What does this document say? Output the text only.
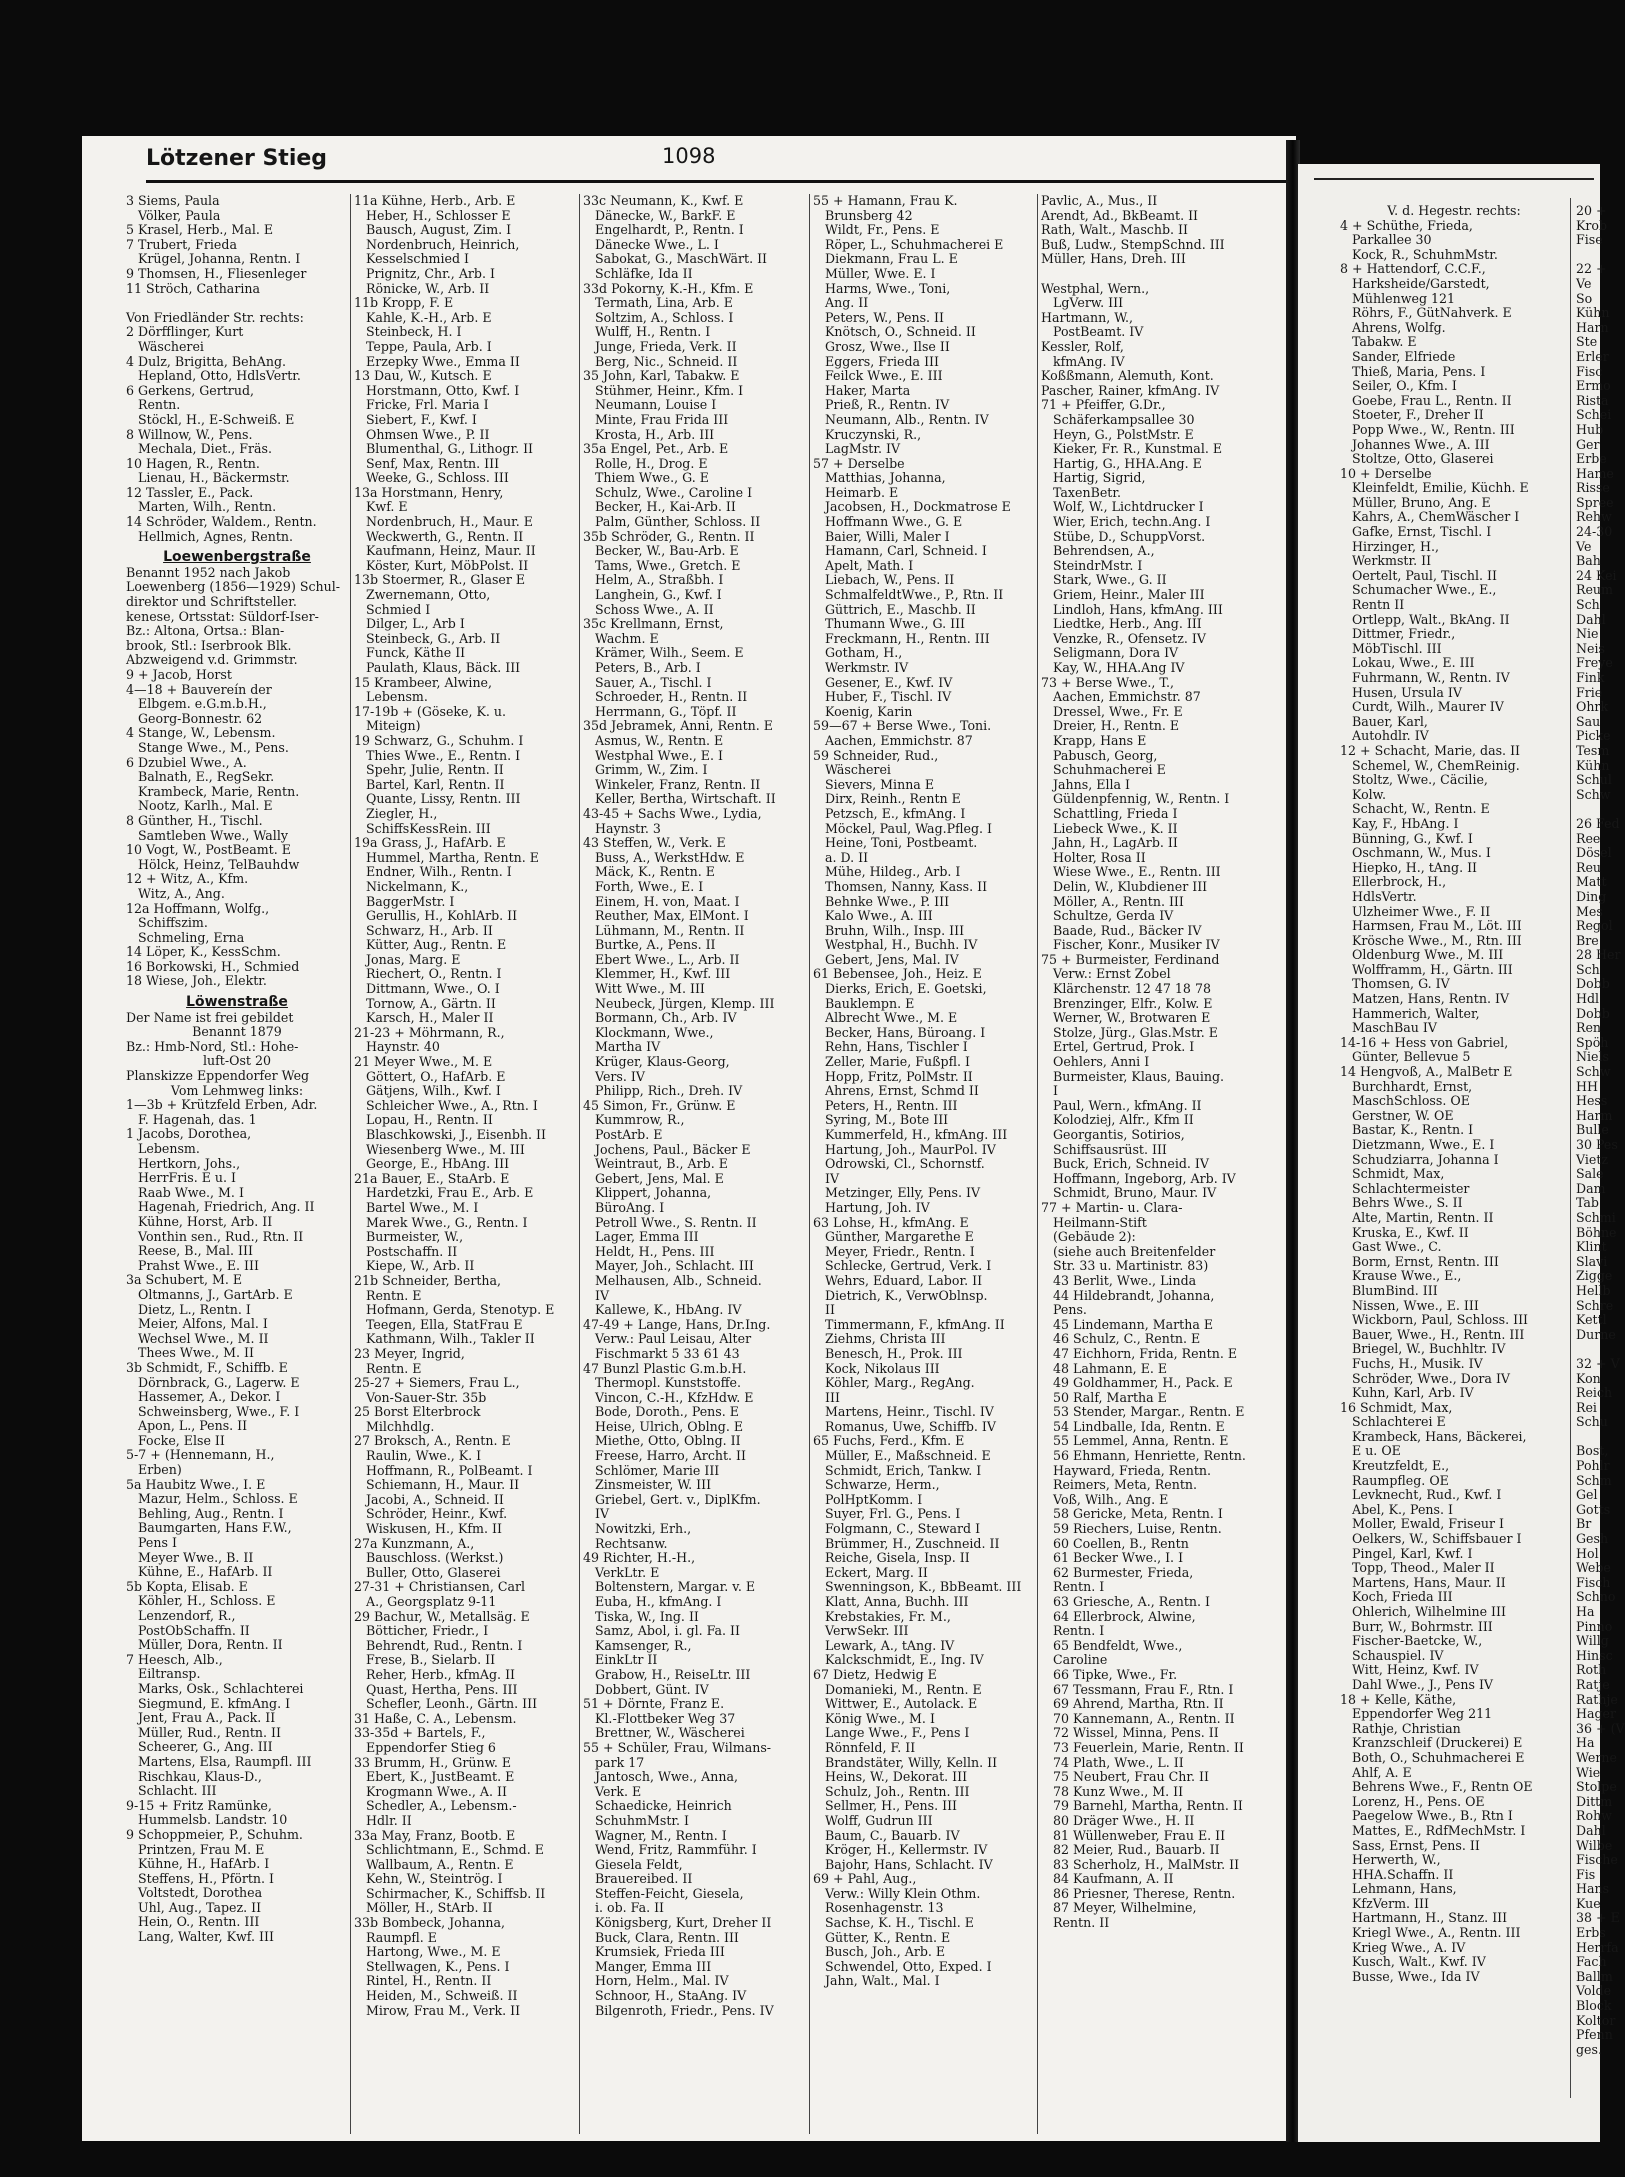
Lötzener Stieg	1098
3 Siems, Paula
Völker, Paula
5 Krasel, Herb., Mal. E
7 Trubert, Frieda
Krügel, Johanna, Rentn. I
9 Thomsen, H., Fliesenleger
11 Ströch, Catharina

Von Friedländer Str. rechts:
2 Dörfflinger, Kurt
Wäscherei
4 Dulz, Brigitta, BehAng.
Hepland, Otto, HdlsVertr.
6 Gerkens, Gertrud,
Rentn.
Stöckl, H., E-Schweiß. E
8 Willnow, W., Pens.
Mechala, Diet., Fräs.
10 Hagen, R., Rentn.
Lienau, H., Bäckermstr.
12 Tassler, E., Pack.
Marten, Wilh., Rentn.
14 Schröder, Waldem., Rentn.
Hellmich, Agnes, Rentn.
Loewenbergstraße
Benannt 1952 nach Jakob
Loewenberg (1856—1929) Schul-
direktor und Schriftsteller.
kenese, Ortsstat: Süldorf-Iser-
Bz.: Altona, Ortsa.: Blan-
brook, Stl.: Iserbrook Blk.
Abzweigend v.d. Grimmstr.
9 + Jacob, Horst
4—18 + Bauvereín der
Elbgem. e.G.m.b.H.,
Georg-Bonnestr. 62
4 Stange, W., Lebensm.
Stange Wwe., M., Pens.
6 Dzubiel Wwe., A.
Balnath, E., RegSekr.
Krambeck, Marie, Rentn.
Nootz, Karlh., Mal. E
8 Günther, H., Tischl.
Samtleben Wwe., Wally
10 Vogt, W., PostBeamt. E
Hölck, Heinz, TelBauhdw
12 + Witz, A., Kfm.
Witz, A., Ang.
12a Hoffmann, Wolfg.,
Schiffszim.
Schmeling, Erna
14 Löper, K., KessSchm.
16 Borkowski, H., Schmied
18 Wiese, Joh., Elektr.
Löwenstraße
Der Name ist frei gebildet
Benannt 1879
Bz.: Hmb-Nord, Stl.: Hohe-
luft-Ost 20
Planskizze Eppendorfer Weg
Vom Lehmweg links:
1—3b + Krützfeld Erben, Adr.
F. Hagenah, das. 1
1 Jacobs, Dorothea,
Lebensm.
Hertkorn, Johs.,
HerrFris. E u. I
Raab Wwe., M. I
Hagenah, Friedrich, Ang. II
Kühne, Horst, Arb. II
Vonthin sen., Rud., Rtn. II
Reese, B., Mal. III
Prahst Wwe., E. III
3a Schubert, M. E
Oltmanns, J., GartArb. E
Dietz, L., Rentn. I
Meier, Alfons, Mal. I
Wechsel Wwe., M. II
Thees Wwe., M. II
3b Schmidt, F., Schiffb. E
Dörnbrack, G., Lagerw. E
Hassemer, A., Dekor. I
Schweinsberg, Wwe., F. I
Apon, L., Pens. II
Focke, Else II
5-7 + (Hennemann, H.,
Erben)
5a Haubitz Wwe., I. E
Mazur, Helm., Schloss. E
Behling, Aug., Rentn. I
Baumgarten, Hans F.W.,
Pens I
Meyer Wwe., B. II
Kühne, E., HafArb. II
5b Kopta, Elisab. E
Köhler, H., Schloss. E
Lenzendorf, R.,
PostObSchaffn. II
Müller, Dora, Rentn. II
7 Heesch, Alb.,
Eiltransp.
Marks, Osk., Schlachterei
Siegmund, E. kfmAng. I
Jent, Frau A., Pack. II
Müller, Rud., Rentn. II
Scheerer, G., Ang. III
Martens, Elsa, Raumpfl. III
Rischkau, Klaus-D.,
Schlacht. III
9-15 + Fritz Ramünke,
Hummelsb. Landstr. 10
9 Schoppmeier, P., Schuhm.
Printzen, Frau M. E
Kühne, H., HafArb. I
Steffens, H., Pförtn. I
Voltstedt, Dorothea
Uhl, Aug., Tapez. II
Hein, O., Rentn. III
Lang, Walter, Kwf. III
11a Kühne, Herb., Arb. E
Heber, H., Schlosser E
Bausch, August, Zim. I
Nordenbruch, Heinrich,
Kesselschmied I
Prignitz, Chr., Arb. I
Rönicke, W., Arb. II
11b Kropp, F. E
Kahle, K.-H., Arb. E
Steinbeck, H. I
Teppe, Paula, Arb. I
Erzepky Wwe., Emma II
13 Dau, W., Kutsch. E
Horstmann, Otto, Kwf. I
Fricke, Frl. Maria I
Siebert, F., Kwf. I
Ohmsen Wwe., P. II
Blumenthal, G., Lithogr. II
Senf, Max, Rentn. III
Weeke, G., Schloss. III
13a Horstmann, Henry,
Kwf. E
Nordenbruch, H., Maur. E
Weckwerth, G., Rentn. II
Kaufmann, Heinz, Maur. II
Köster, Kurt, MöbPolst. II
13b Stoermer, R., Glaser E
Zwernemann, Otto,
Schmied I
Dilger, L., Arb I
Steinbeck, G., Arb. II
Funck, Käthe II
Paulath, Klaus, Bäck. III
15 Krambeer, Alwine,
Lebensm.
17-19b + (Göseke, K. u.
Miteign)
19 Schwarz, G., Schuhm. I
Thies Wwe., E., Rentn. I
Spehr, Julie, Rentn. II
Bartel, Karl, Rentn. II
Quante, Lissy, Rentn. III
Ziegler, H.,
SchiffsKessRein. III
19a Grass, J., HafArb. E
Hummel, Martha, Rentn. E
Endner, Wilh., Rentn. I
Nickelmann, K.,
BaggerMstr. I
Gerullis, H., KohlArb. II
Schwarz, H., Arb. II
Kütter, Aug., Rentn. E
Jonas, Marg. E
Riechert, O., Rentn. I
Dittmann, Wwe., O. I
Tornow, A., Gärtn. II
Karsch, H., Maler II
21-23 + Möhrmann, R.,
Haynstr. 40
21 Meyer Wwe., M. E
Göttert, O., HafArb. E
Gätjens, Wilh., Kwf. I
Schleicher Wwe., A., Rtn. I
Lopau, H., Rentn. II
Blaschkowski, J., Eisenbh. II
Wiesenberg Wwe., M. III
George, E., HbAng. III
21a Bauer, E., StaArb. E
Hardetzki, Frau E., Arb. E
Bartel Wwe., M. I
Marek Wwe., G., Rentn. I
Burmeister, W.,
Postschaffn. II
Kiepe, W., Arb. II
21b Schneider, Bertha,
Rentn. E
Hofmann, Gerda, Stenotyp. E
Teegen, Ella, StatFrau E
Kathmann, Wilh., Takler II
23 Meyer, Ingrid,
Rentn. E
25-27 + Siemers, Frau L.,
Von-Sauer-Str. 35b
25 Borst Elterbrock
Milchhdlg.
27 Broksch, A., Rentn. E
Raulin, Wwe., K. I
Hoffmann, R., PolBeamt. I
Schiemann, H., Maur. II
Jacobi, A., Schneid. II
Schröder, Heinr., Kwf.
Wiskusen, H., Kfm. II
27a Kunzmann, A.,
Bauschloss. (Werkst.)
Buller, Otto, Glaserei
27-31 + Christiansen, Carl
A., Georgsplatz 9-11
29 Bachur, W., Metallsäg. E
Bötticher, Friedr., I
Behrendt, Rud., Rentn. I
Frese, B., Sielarb. II
Reher, Herb., kfmAg. II
Quast, Hertha, Pens. III
Schefler, Leonh., Gärtn. III
31 Haße, C. A., Lebensm.
33-35d + Bartels, F.,
Eppendorfer Stieg 6
33 Brumm, H., Grünw. E
Ebert, K., JustBeamt. E
Krogmann Wwe., A. II
Schedler, A., Lebensm.-
Hdlr. II
33a May, Franz, Bootb. E
Schlichtmann, E., Schmd. E
Wallbaum, A., Rentn. E
Kehn, W., Steintrög. I
Schirmacher, K., Schiffsb. II
Möller, H., StArb. II
33b Bombeck, Johanna,
Raumpfl. E
Hartong, Wwe., M. E
Stellwagen, K., Pens. I
Rintel, H., Rentn. II
Heiden, M., Schweiß. II
Mirow, Frau M., Verk. II
33c Neumann, K., Kwf. E
Dänecke, W., BarkF. E
Engelhardt, P., Rentn. I
Dänecke Wwe., L. I
Sabokat, G., MaschWärt. II
Schläfke, Ida II
33d Pokorny, K.-H., Kfm. E
Termath, Lina, Arb. E
Soltzim, A., Schloss. I
Wulff, H., Rentn. I
Junge, Frieda, Verk. II
Berg, Nic., Schneid. II
35 John, Karl, Tabakw. E
Stühmer, Heinr., Kfm. I
Neumann, Louise I
Minte, Frau Frida III
Krosta, H., Arb. III
35a Engel, Pet., Arb. E
Rolle, H., Drog. E
Thiem Wwe., G. E
Schulz, Wwe., Caroline I
Becker, H., Kai-Arb. II
Palm, Günther, Schloss. II
35b Schröder, G., Rentn. II
Becker, W., Bau-Arb. E
Tams, Wwe., Gretch. E
Helm, A., Straßbh. I
Langhein, G., Kwf. I
Schoss Wwe., A. II
35c Krellmann, Ernst,
Wachm. E
Krämer, Wilh., Seem. E
Peters, B., Arb. I
Sauer, A., Tischl. I
Schroeder, H., Rentn. II
Herrmann, G., Töpf. II
35d Jebramek, Anni, Rentn. E
Asmus, W., Rentn. E
Westphal Wwe., E. I
Grimm, W., Zim. I
Winkeler, Franz, Rentn. II
Keller, Bertha, Wirtschaft. II
43-45 + Sachs Wwe., Lydia,
Haynstr. 3
43 Steffen, W., Verk. E
Buss, A., WerkstHdw. E
Mäck, K., Rentn. E
Forth, Wwe., E. I
Einem, H. von, Maat. I
Reuther, Max, ElMont. I
Lühmann, M., Rentn. II
Burtke, A., Pens. II
Ebert Wwe., L., Arb. II
Klemmer, H., Kwf. III
Witt Wwe., M. III
Neubeck, Jürgen, Klemp. III
Bormann, Ch., Arb. IV
Klockmann, Wwe.,
Martha IV
Krüger, Klaus-Georg,
Vers. IV
Philipp, Rich., Dreh. IV
45 Simon, Fr., Grünw. E
Kummrow, R.,
PostArb. E
Jochens, Paul., Bäcker E
Weintraut, B., Arb. E
Gebert, Jens, Mal. E
Klippert, Johanna,
BüroAng. I
Petroll Wwe., S. Rentn. II
Lager, Emma III
Heldt, H., Pens. III
Mayer, Joh., Schlacht. III
Melhausen, Alb., Schneid.
IV
Kallewe, K., HbAng. IV
47-49 + Lange, Hans, Dr.Ing.
Verw.: Paul Leisau, Alter
Fischmarkt 5 33 61 43
47 Bunzl Plastic G.m.b.H.
Thermopl. Kunststoffe.
Vincon, C.-H., KfzHdw. E
Bode, Doroth., Pens. E
Heise, Ulrich, Oblng. E
Miethe, Otto, Oblng. II
Freese, Harro, Archt. II
Schlömer, Marie III
Zinsmeister, W. III
Griebel, Gert. v., DiplKfm.
IV
Nowitzki, Erh.,
Rechtsanw.
49 Richter, H.-H.,
VerkLtr. E
Boltenstern, Margar. v. E
Euba, H., kfmAng. I
Tiska, W., Ing. II
Samz, Abol, i. gl. Fa. II
Kamsenger, R.,
EinkLtr II
Grabow, H., ReiseLtr. III
Dobbert, Günt. IV
51 + Dörnte, Franz E.
Kl.-Flottbeker Weg 37
Brettner, W., Wäscherei
55 + Schüler, Frau, Wilmans-
park 17
Jantosch, Wwe., Anna,
Verk. E
Schaedicke, Heinrich
SchuhmMstr. I
Wagner, M., Rentn. I
Wend, Fritz, Rammführ. I
Giesela Feldt,
Brauereibed. II
Steffen-Feicht, Giesela,
i. ob. Fa. II
Königsberg, Kurt, Dreher II
Buck, Clara, Rentn. III
Krumsiek, Frieda III
Manger, Emma III
Horn, Helm., Mal. IV
Schnoor, H., StaAng. IV
Bilgenroth, Friedr., Pens. IV
55 + Hamann, Frau K.
Brunsberg 42
Wildt, Fr., Pens. E
Röper, L., Schuhmacherei E
Diekmann, Frau L. E
Müller, Wwe. E. I
Harms, Wwe., Toni,
Ang. II
Peters, W., Pens. II
Knötsch, O., Schneid. II
Grosz, Wwe., Ilse II
Eggers, Frieda III
Feilck Wwe., E. III
Haker, Marta
Prieß, R., Rentn. IV
Neumann, Alb., Rentn. IV
Kruczynski, R.,
LagMstr. IV
57 + Derselbe
Matthias, Johanna,
Heimarb. E
Jacobsen, H., Dockmatrose E
Hoffmann Wwe., G. E
Baier, Willi, Maler I
Hamann, Carl, Schneid. I
Apelt, Math. I
Liebach, W., Pens. II
SchmalfeldtWwe., P., Rtn. II
Güttrich, E., Maschb. II
Thumann Wwe., G. III
Freckmann, H., Rentn. III
Gotham, H.,
Werkmstr. IV
Gesener, E., Kwf. IV
Huber, F., Tischl. IV
Koenig, Karin
59—67 + Berse Wwe., Toni.
Aachen, Emmichstr. 87
59 Schneider, Rud.,
Wäscherei
Sievers, Minna E
Dirx, Reinh., Rentn E
Petzsch, E., kfmAng. I
Möckel, Paul, Wag.Pfleg. I
Heine, Toni, Postbeamt.
a. D. II
Mühe, Hildeg., Arb. I
Thomsen, Nanny, Kass. II
Behnke Wwe., P. III
Kalo Wwe., A. III
Bruhn, Wilh., Insp. III
Westphal, H., Buchh. IV
Gebert, Jens, Mal. IV
61 Bebensee, Joh., Heiz. E
Dierks, Erich, E. Goetski,
Bauklempn. E
Albrecht Wwe., M. E
Becker, Hans, Büroang. I
Rehn, Hans, Tischler I
Zeller, Marie, Fußpfl. I
Hopp, Fritz, PolMstr. II
Ahrens, Ernst, Schmd II
Peters, H., Rentn. III
Syring, M., Bote III
Kummerfeld, H., kfmAng. III
Hartung, Joh., MaurPol. IV
Odrowski, Cl., Schornstf.
IV
Metzinger, Elly, Pens. IV
Hartung, Joh. IV
63 Lohse, H., kfmAng. E
Günther, Margarethe E
Meyer, Friedr., Rentn. I
Schlecke, Gertrud, Verk. I
Wehrs, Eduard, Labor. II
Dietrich, K., VerwOblnsp.
II
Timmermann, F., kfmAng. II
Ziehms, Christa III
Benesch, H., Prok. III
Kock, Nikolaus III
Köhler, Marg., RegAng.
III
Martens, Heinr., Tischl. IV
Romanus, Uwe, Schiffb. IV
65 Fuchs, Ferd., Kfm. E
Müller, E., Maßschneid. E
Schmidt, Erich, Tankw. I
Schwarze, Herm.,
PolHptKomm. I
Suyer, Frl. G., Pens. I
Folgmann, C., Steward I
Brümmer, H., Zuschneid. II
Reiche, Gisela, Insp. II
Eckert, Marg. II
Swenningson, K., BbBeamt. III
Klatt, Anna, Buchh. III
Krebstakies, Fr. M.,
VerwSekr. III
Lewark, A., tAng. IV
Kalckschmidt, E., Ing. IV
67 Dietz, Hedwig E
Domanieki, M., Rentn. E
Wittwer, E., Autolack. E
König Wwe., M. I
Lange Wwe., F., Pens I
Rönnfeld, F. II
Brandstäter, Willy, Kelln. II
Heins, W., Dekorat. III
Schulz, Joh., Rentn. III
Sellmer, H., Pens. III
Wolff, Gudrun III
Baum, C., Bauarb. IV
Kröger, H., Kellermstr. IV
Bajohr, Hans, Schlacht. IV
69 + Pahl, Aug.,
Verw.: Willy Klein Othm.
Rosenhagenstr. 13
Sachse, K. H., Tischl. E
Gütter, K., Rentn. E
Busch, Joh., Arb. E
Schwendel, Otto, Exped. I
Jahn, Walt., Mal. I
Pavlic, A., Mus., II
Arendt, Ad., BkBeamt. II
Rath, Walt., Maschb. II
Buß, Ludw., StempSchnd. III
Müller, Hans, Dreh. III

Westphal, Wern.,
LgVerw. III
Hartmann, W.,
PostBeamt. IV
Kessler, Rolf,
kfmAng. IV
Koßßmann, Alemuth, Kont.
Pascher, Rainer, kfmAng. IV
71 + Pfeiffer, G.Dr.,
Schäferkampsallee 30
Heyn, G., PolstMstr. E
Kieker, Fr. R., Kunstmal. E
Hartig, G., HHA.Ang. E
Hartig, Sigrid,
TaxenBetr.
Wolf, W., Lichtdrucker I
Wier, Erich, techn.Ang. I
Stübe, D., SchuppVorst.
Behrendsen, A.,
SteindrMstr. I
Stark, Wwe., G. II
Griem, Heinr., Maler III
Lindloh, Hans, kfmAng. III
Liedtke, Herb., Ang. III
Venzke, R., Ofensetz. IV
Seligmann, Dora IV
Kay, W., HHA.Ang IV
73 + Berse Wwe., T.,
Aachen, Emmichstr. 87
Dressel, Wwe., Fr. E
Dreier, H., Rentn. E
Krapp, Hans E
Pabusch, Georg,
Schuhmacherei E
Jahns, Ella I
Güldenpfennig, W., Rentn. I
Schattling, Frieda I
Liebeck Wwe., K. II
Jahn, H., LagArb. II
Holter, Rosa II
Wiese Wwe., E., Rentn. III
Delin, W., Klubdiener III
Möller, A., Rentn. III
Schultze, Gerda IV
Baade, Rud., Bäcker IV
Fischer, Konr., Musiker IV
75 + Burmeister, Ferdinand
Verw.: Ernst Zobel
Klärchenstr. 12 47 18 78
Brenzinger, Elfr., Kolw. E
Werner, W., Brotwaren E
Stolze, Jürg., Glas.Mstr. E
Ertel, Gertrud, Prok. I
Oehlers, Anni I
Burmeister, Klaus, Bauing.
I
Paul, Wern., kfmAng. II
Kolodziej, Alfr., Kfm II
Georgantis, Sotirios,
Schiffsausrüst. III
Buck, Erich, Schneid. IV
Hoffmann, Ingeborg, Arb. IV
Schmidt, Bruno, Maur. IV
77 + Martin- u. Clara-
Heilmann-Stift
(Gebäude 2):
(siehe auch Breitenfelder
Str. 33 u. Martinistr. 83)
43 Berlit, Wwe., Linda
44 Hildebrandt, Johanna,
Pens.
45 Lindemann, Martha E
46 Schulz, C., Rentn. E
47 Eichhorn, Frida, Rentn. E
48 Lahmann, E. E
49 Goldhammer, H., Pack. E
50 Ralf, Martha E
53 Stender, Margar., Rentn. E
54 Lindballe, Ida, Rentn. E
55 Lemmel, Anna, Rentn. E
56 Ehmann, Henriette, Rentn.
Hayward, Frieda, Rentn.
Reimers, Meta, Rentn.
Voß, Wilh., Ang. E
58 Gericke, Meta, Rentn. I
59 Riechers, Luise, Rentn.
60 Coellen, B., Rentn
61 Becker Wwe., I. I
62 Burmester, Frieda,
Rentn. I
63 Griesche, A., Rentn. I
64 Ellerbrock, Alwine,
Rentn. I
65 Bendfeldt, Wwe.,
Caroline
66 Tipke, Wwe., Fr.
67 Tessmann, Frau F., Rtn. I
69 Ahrend, Martha, Rtn. II
70 Kannemann, A., Rentn. II
72 Wissel, Minna, Pens. II
73 Feuerlein, Marie, Rentn. II
74 Plath, Wwe., L. II
75 Neubert, Frau Chr. II
78 Kunz Wwe., M. II
79 Barnehl, Martha, Rentn. II
80 Dräger Wwe., H. II
81 Wüllenweber, Frau E. II
82 Meier, Rud., Bauarb. II
83 Scherholz, H., MalMstr. II
84 Kaufmann, A. II
86 Priesner, Therese, Rentn.
87 Meyer, Wilhelmine,
Rentn. II
V. d. Hegestr. rechts:
4 + Schüthe, Frieda,
Parkallee 30
Kock, R., SchuhmMstr.
8 + Hattendorf, C.C.F.,
Harksheide/Garstedt,
Mühlenweg 121
Röhrs, F., GütNahverk. E
Ahrens, Wolfg.
Tabakw. E
Sander, Elfriede
Thieß, Maria, Pens. I
Seiler, O., Kfm. I
Goebe, Frau L., Rentn. II
Stoeter, F., Dreher II
Popp Wwe., W., Rentn. III
Johannes Wwe., A. III
Stoltze, Otto, Glaserei
10 + Derselbe
Kleinfeldt, Emilie, Küchh. E
Müller, Bruno, Ang. E
Kahrs, A., ChemWäscher I
Gafke, Ernst, Tischl. I
Hirzinger, H.,
Werkmstr. II
Oertelt, Paul, Tischl. II
Schumacher Wwe., E.,
Rentn II
Ortlepp, Walt., BkAng. II
Dittmer, Friedr.,
MöbTischl. III
Lokau, Wwe., E. III
Fuhrmann, W., Rentn. IV
Husen, Ursula IV
Curdt, Wilh., Maurer IV
Bauer, Karl,
Autohdlr. IV
12 + Schacht, Marie, das. II
Schemel, W., ChemReinig.
Stoltz, Wwe., Cäcilie,
Kolw.
Schacht, W., Rentn. E
Kay, F., HbAng. I
Bünning, G., Kwf. I
Oschmann, W., Mus. I
Hiepko, H., tAng. II
Ellerbrock, H.,
HdlsVertr.
Ulzheimer Wwe., F. II
Harmsen, Frau M., Löt. III
Krösche Wwe., M., Rtn. III
Oldenburg Wwe., M. III
Wolfframm, H., Gärtn. III
Thomsen, G. IV
Matzen, Hans, Rentn. IV
Hammerich, Walter,
MaschBau IV
14-16 + Hess von Gabriel,
Günter, Bellevue 5
14 Hengvoß, A., MalBetr E
Burchhardt, Ernst,
MaschSchloss. OE
Gerstner, W. OE
Bastar, K., Rentn. I
Dietzmann, Wwe., E. I
Schudziarra, Johanna I
Schmidt, Max,
Schlachtermeister
Behrs Wwe., S. II
Alte, Martin, Rentn. II
Kruska, E., Kwf. II
Gast Wwe., C.
Borm, Ernst, Rentn. III
Krause Wwe., E.,
BlumBind. III
Nissen, Wwe., E. III
Wickborn, Paul, Schloss. III
Bauer, Wwe., H., Rentn. III
Briegel, W., Buchhltr. IV
Fuchs, H., Musik. IV
Schröder, Wwe., Dora IV
Kuhn, Karl, Arb. IV
16 Schmidt, Max,
Schlachterei E
Krambeck, Hans, Bäckerei,
E u. OE
Kreutzfeldt, E.,
Raumpfleg. OE
Levknecht, Rud., Kwf. I
Abel, K., Pens. I
Moller, Ewald, Friseur I
Oelkers, W., Schiffsbauer I
Pingel, Karl, Kwf. I
Topp, Theod., Maler II
Martens, Hans, Maur. II
Koch, Frieda III
Ohlerich, Wilhelmine III
Burr, W., Bohrmstr. III
Fischer-Baetcke, W.,
Schauspiel. IV
Witt, Heinz, Kwf. IV
Dahl Wwe., J., Pens IV
18 + Kelle, Käthe,
Eppendorfer Weg 211
Rathje, Christian
Kranzschleif (Druckerei) E
Both, O., Schuhmacherei E
Ahlf, A. E
Behrens Wwe., F., Rentn OE
Lorenz, H., Pens. OE
Paegelow Wwe., B., Rtn I
Mattes, E., RdfMechMstr. I
Sass, Ernst, Pens. II
Herwerth, W.,
HHA.Schaffn. II
Lehmann, Hans,
KfzVerm. III
Hartmann, H., Stanz. III
Kriegl Wwe., A., Rentn. III
Krieg Wwe., A. IV
Kusch, Walt., Kwf. IV
Busse, Wwe., Ida IV
20 +
Krob
Fise

22 +
Ve
So
Kühn
Harn
Ste
Erler
Fisc
Ermo
Rista
Schei
Hub
Ger
Erbe
Hame
Risse
Spree
Rehw
24-30
Ve
Bah
24 Kei
Reum
Sch
Dahl
Nie
Neis
Freye
Fink
Frie
Ohrk
Sau
Picke
Tesm
Kühn
Schul
Schw

26 Fed
Ree
Dösel
Reu
Matt
Ding
Mes
Regol
Bre
28 Her
Sch
Dobb
Hdl
Dobb
Ren
Spöh
Niels
Schw
HH
Hess
Harm
Bulle
30 Pes
Vietz
Sale
Dam
Tab
Schmi
Böhne
Klint
Slavi
Zigge
Hellb
Schre
Kettl
Durne

32 + V
Kon
Reich
Rei
Schu

Bost,
Pohlr
Schm
Gel
Gotts
Br
Gesh
Hol
Webe
Fisch
Schno
Ha
Pinno
Willg
Hinsc
Roth
Ratje
Rathje
Hager
36 + (V
Ha
Werne
Wie
Stolpe
Dittm
Rohw
Dahl
Wilbe
Fische
Fis
Hans
Kue
38 + E
Erbs
Herrfa
Fach
Ballm
Volde
Block
Koltor
Pfenn
ges.
